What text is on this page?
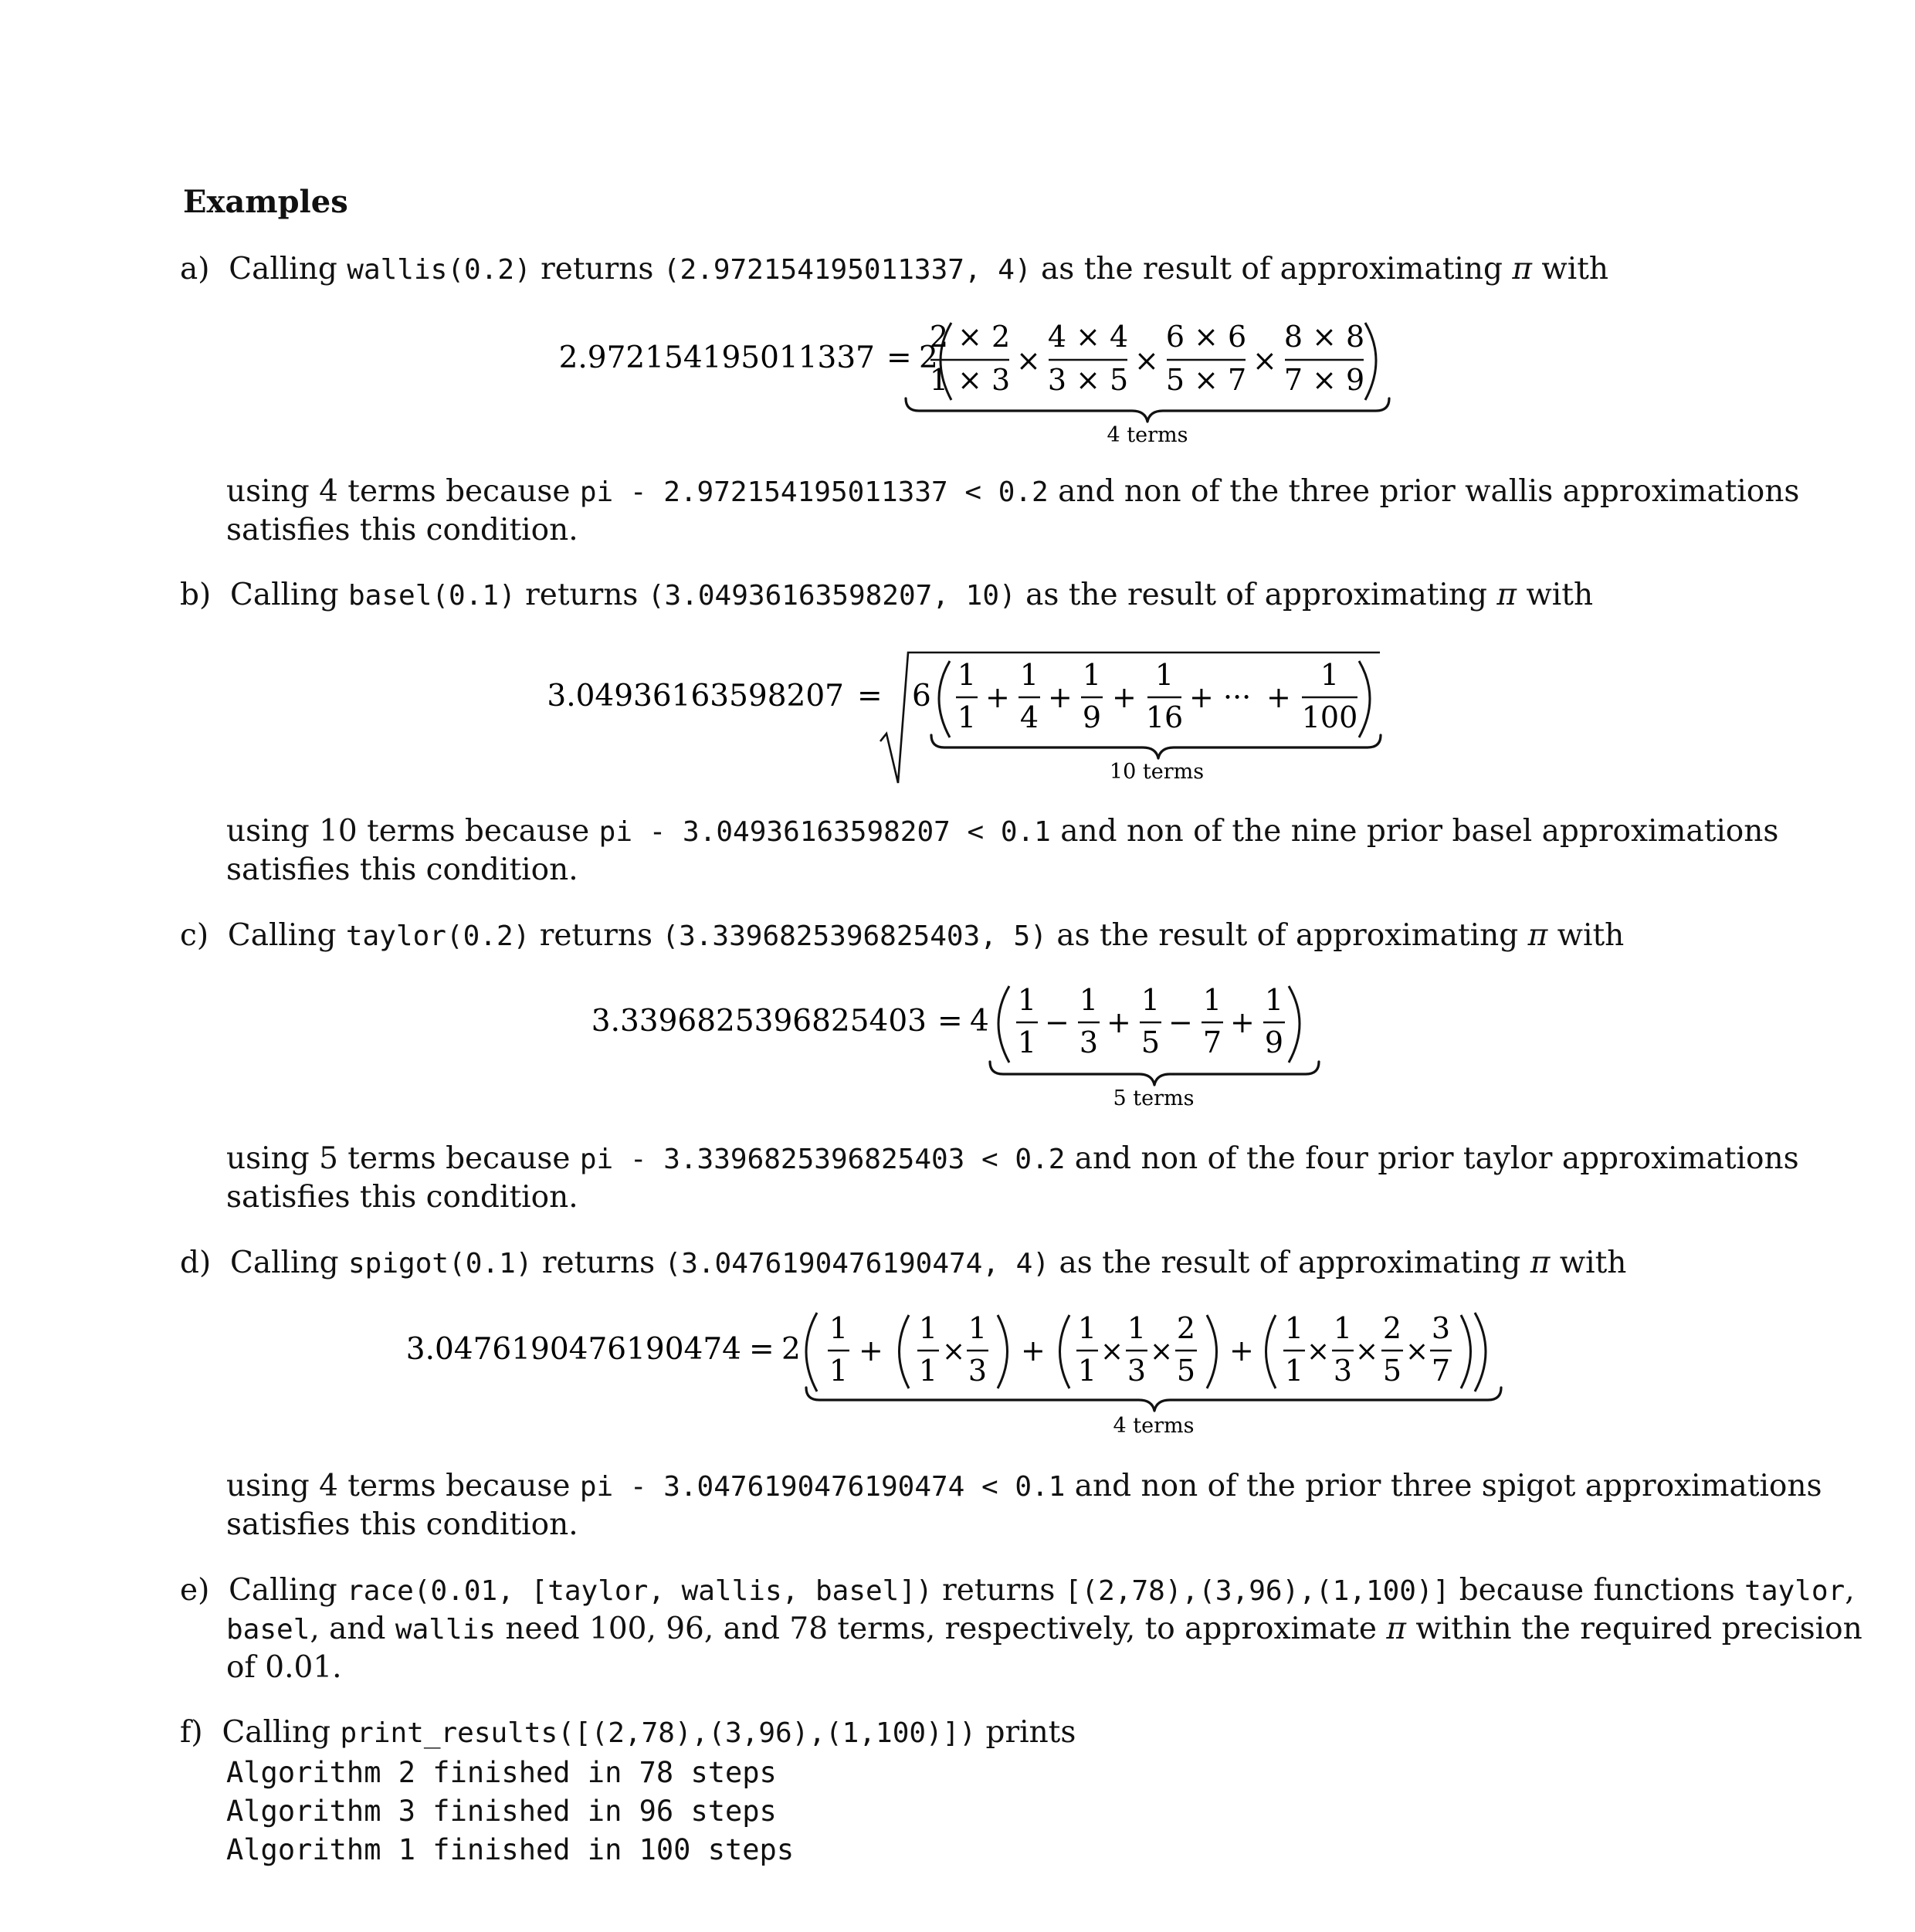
Examples
a) Calling wallis(0.2) returns (2.972154195011337, 4) as the result of approximating π with
2.972154195011337 = 2
2 × 2
1 × 3
×
4 × 4
3 × 5
×
6 × 6
5 × 7
×
8 × 8
7 × 9
4 terms
3.04936163598207 = 6
1
1
+
1
4
+
1
9
+
1
16
+ ··· +
1
100
10 terms
3.3396825396825403 = 4
1
1
−
1
3
+
1
5
−
1
7
+
1
9
5 terms
3.0476190476190474 = 2
1
1
+
1
1
×
1
3
+
1
1
×
1
3
×
2
5
+
1
1
×
1
3
×
2
5
×
3
7
4 terms
using 4 terms because pi - 2.972154195011337 < 0.2 and non of the three prior wallis approximations
satisfies this condition.
b) Calling basel(0.1) returns (3.04936163598207, 10) as the result of approximating π with
using 10 terms because pi - 3.04936163598207 < 0.1 and non of the nine prior basel approximations
satisfies this condition.
c) Calling taylor(0.2) returns (3.3396825396825403, 5) as the result of approximating π with
using 5 terms because pi - 3.3396825396825403 < 0.2 and non of the four prior taylor approximations
satisfies this condition.
d) Calling spigot(0.1) returns (3.0476190476190474, 4) as the result of approximating π with
using 4 terms because pi - 3.0476190476190474 < 0.1 and non of the prior three spigot approximations
satisfies this condition.
e) Calling race(0.01, [taylor, wallis, basel]) returns [(2,78),(3,96),(1,100)] because functions taylor,
basel, and wallis need 100, 96, and 78 terms, respectively, to approximate π within the required precision
of 0.01.
f) Calling print_results([(2,78),(3,96),(1,100)]) prints
Algorithm 2 finished in 78 steps
Algorithm 3 finished in 96 steps
Algorithm 1 finished in 100 steps
